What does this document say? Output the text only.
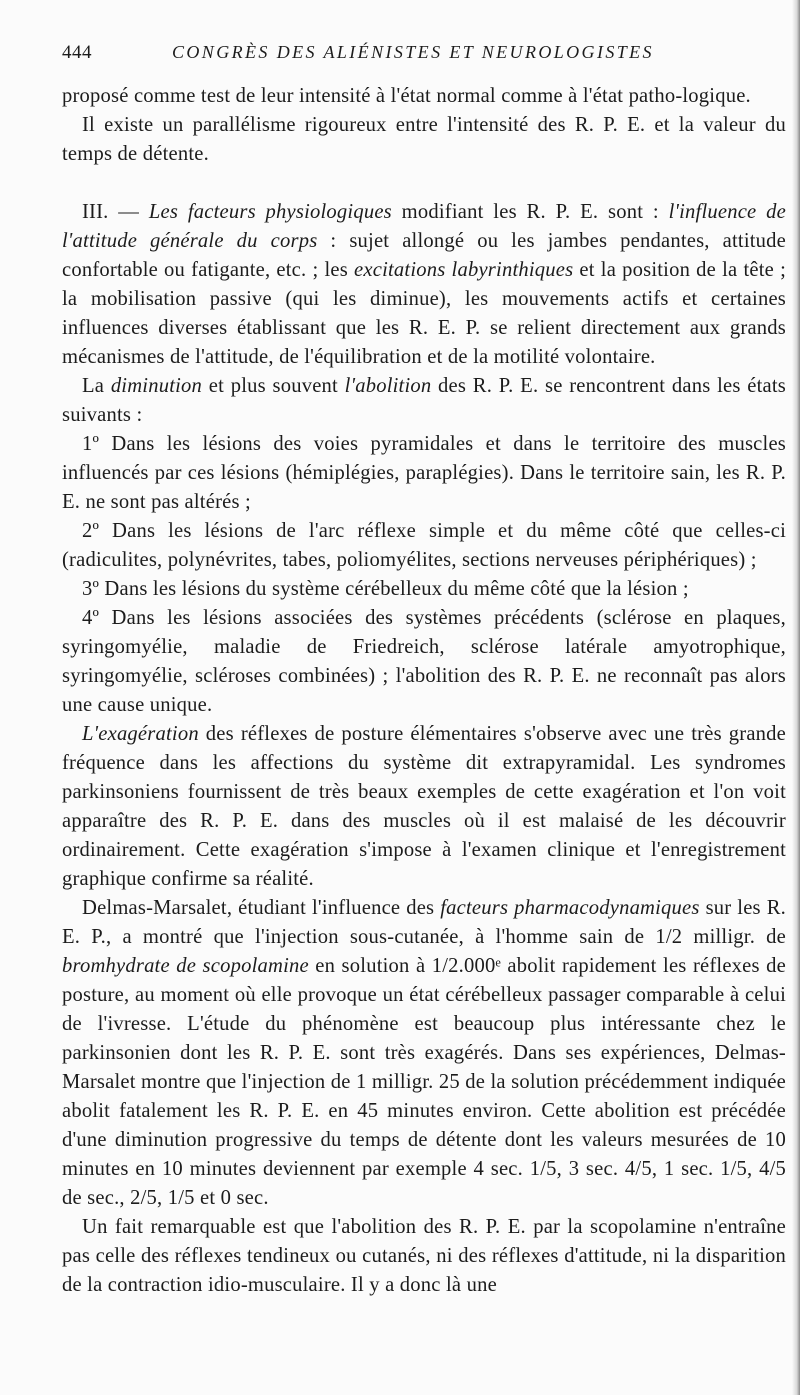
444	CONGRÈS DES ALIÉNISTES ET NEUROLOGISTES

proposé comme test de leur intensité à l'état normal comme à l'état patho-logique.

Il existe un parallélisme rigoureux entre l'intensité des R. P. E. et la valeur du temps de détente.

III. — Les facteurs physiologiques modifiant les R. P. E. sont : l'influence de l'attitude générale du corps : sujet allongé ou les jambes pendantes, attitude confortable ou fatigante, etc. ; les excitations labyrinthiques et la position de la tête ; la mobilisation passive (qui les diminue), les mouvements actifs et certaines influences diverses établissant que les R. E. P. se relient directement aux grands mécanismes de l'attitude, de l'équilibration et de la motilité volontaire.

La diminution et plus souvent l'abolition des R. P. E. se rencontrent dans les états suivants :

1º Dans les lésions des voies pyramidales et dans le territoire des muscles influencés par ces lésions (hémiplégies, paraplégies). Dans le territoire sain, les R. P. E. ne sont pas altérés ;

2º Dans les lésions de l'arc réflexe simple et du même côté que celles-ci (radiculites, polynévrites, tabes, poliomyélites, sections nerveuses périphériques) ;

3º Dans les lésions du système cérébelleux du même côté que la lésion ;

4º Dans les lésions associées des systèmes précédents (sclérose en plaques, syringomyélie, maladie de Friedreich, sclérose latérale amyotrophique, syringomyélie, scléroses combinées) ; l'abolition des R. P. E. ne reconnaît pas alors une cause unique.

L'exagération des réflexes de posture élémentaires s'observe avec une très grande fréquence dans les affections du système dit extrapyramidal. Les syndromes parkinsoniens fournissent de très beaux exemples de cette exagération et l'on voit apparaître des R. P. E. dans des muscles où il est malaisé de les découvrir ordinairement. Cette exagération s'impose à l'examen clinique et l'enregistrement graphique confirme sa réalité.

Delmas-Marsalet, étudiant l'influence des facteurs pharmacodynamiques sur les R. E. P., a montré que l'injection sous-cutanée, à l'homme sain de 1/2 milligr. de bromhydrate de scopolamine en solution à 1/2.000ᵉ abolit rapidement les réflexes de posture, au moment où elle provoque un état cérébelleux passager comparable à celui de l'ivresse. L'étude du phénomène est beaucoup plus intéressante chez le parkinsonien dont les R. P. E. sont très exagérés. Dans ses expériences, Delmas-Marsalet montre que l'injection de 1 milligr. 25 de la solution précédemment indiquée abolit fatalement les R. P. E. en 45 minutes environ. Cette abolition est précédée d'une diminution progressive du temps de détente dont les valeurs mesurées de 10 minutes en 10 minutes deviennent par exemple 4 sec. 1/5, 3 sec. 4/5, 1 sec. 1/5, 4/5 de sec., 2/5, 1/5 et 0 sec.

Un fait remarquable est que l'abolition des R. P. E. par la scopolamine n'entraîne pas celle des réflexes tendineux ou cutanés, ni des réflexes d'attitude, ni la disparition de la contraction idio-musculaire. Il y a donc là une
